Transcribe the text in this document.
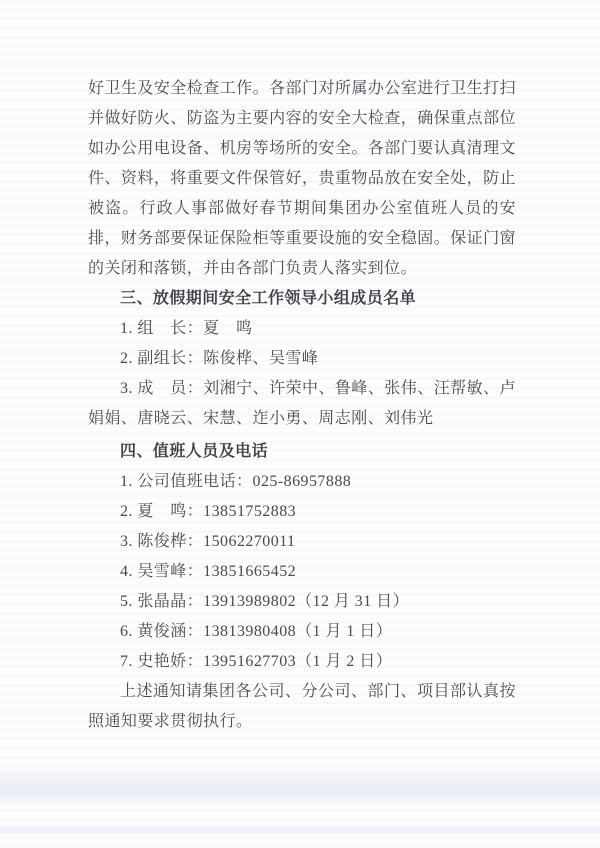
好卫生及安全检查工作。各部门对所属办公室进行卫生打扫并做好防火、防盗为主要内容的安全大检查，确保重点部位如办公用电设备、机房等场所的安全。各部门要认真清理文件、资料，将重要文件保管好，贵重物品放在安全处，防止被盗。行政人事部做好春节期间集团办公室值班人员的安排，财务部要保证保险柜等重要设施的安全稳固。保证门窗的关闭和落锁，并由各部门负责人落实到位。

三、放假期间安全工作领导小组成员名单

1. 组　长：夏　鸣

2. 副组长：陈俊桦、吴雪峰

3. 成　员：刘湘宁、许荣中、鲁峰、张伟、汪帮敏、卢娟娟、唐晓云、宋慧、迮小勇、周志刚、刘伟光

四、值班人员及电话

1. 公司值班电话：025-86957888

2. 夏　鸣：13851752883

3. 陈俊桦：15062270011

4. 吴雪峰：13851665452

5. 张晶晶：13913989802（12 月 31 日）

6. 黄俊涵：13813980408（1 月 1 日）

7. 史艳娇：13951627703（1 月 2 日）

上述通知请集团各公司、分公司、部门、项目部认真按照通知要求贯彻执行。
